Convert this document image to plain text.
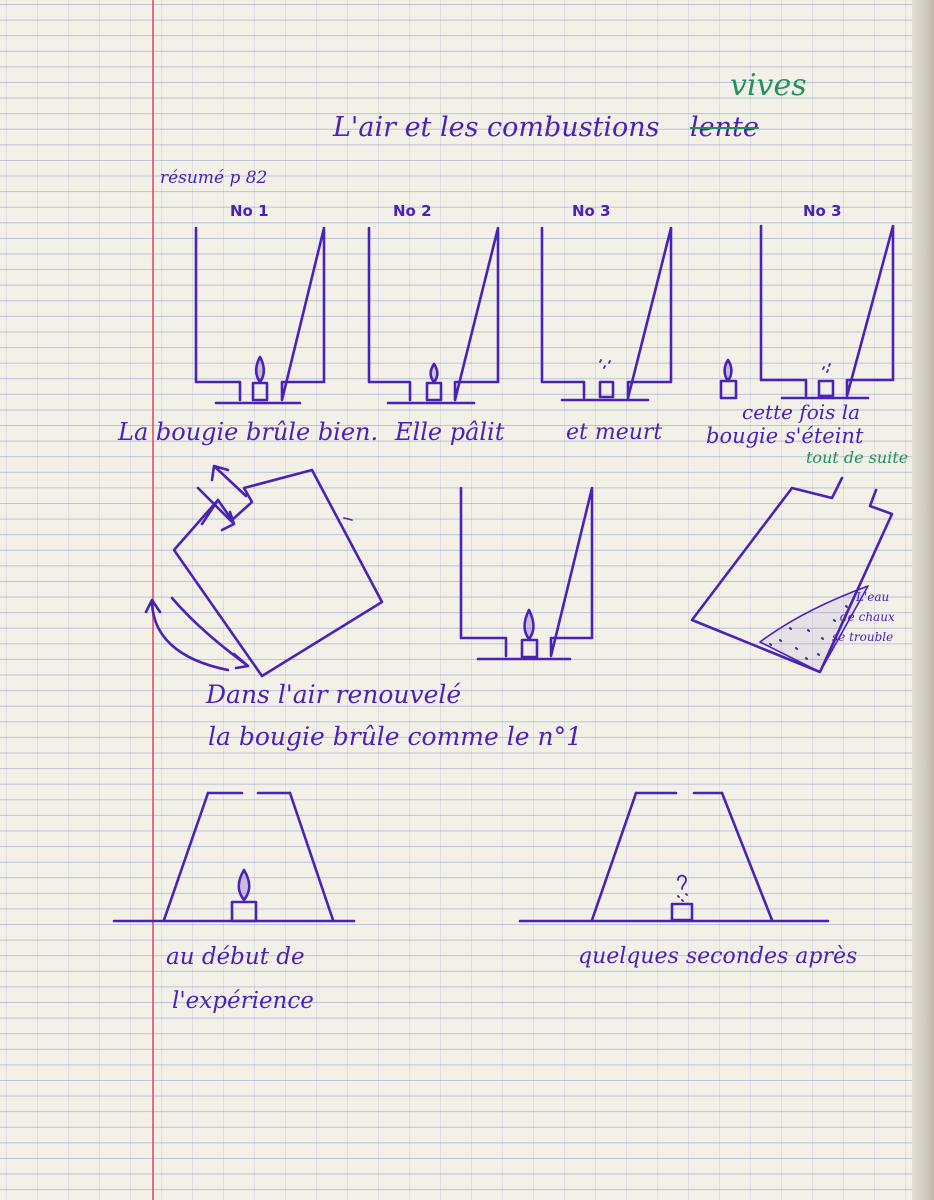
vives
L'air et les combustions lente
résumé p 82
No 1	No 2	No 3	No 3
La bougie brûle bien. Elle pâlit	et meurt
cette fois la
bougie s'éteint
tout de suite
Dans l'air renouvelé
la bougie brûle comme le n°1
L'eau
de chaux
se trouble
au début de
l'expérience
quelques secondes après
